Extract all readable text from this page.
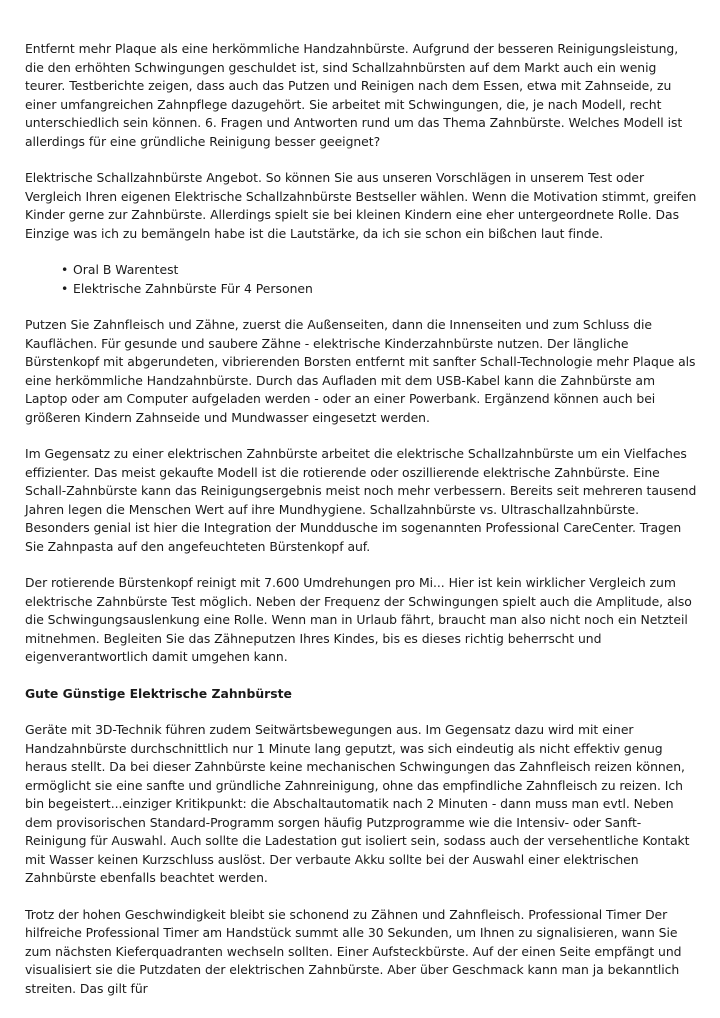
Entfernt mehr Plaque als eine herkömmliche Handzahnbürste. Aufgrund der besseren Reinigungsleistung, die den erhöhten Schwingungen geschuldet ist, sind Schallzahnbürsten auf dem Markt auch ein wenig teurer. Testberichte zeigen, dass auch das Putzen und Reinigen nach dem Essen, etwa mit Zahnseide, zu einer umfangreichen Zahnpflege dazugehört. Sie arbeitet mit Schwingungen, die, je nach Modell, recht unterschiedlich sein können. 6. Fragen und Antworten rund um das Thema Zahnbürste. Welches Modell ist allerdings für eine gründliche Reinigung besser geeignet?

Elektrische Schallzahnbürste Angebot. So können Sie aus unseren Vorschlägen in unserem Test oder Vergleich Ihren eigenen Elektrische Schallzahnbürste Bestseller wählen. Wenn die Motivation stimmt, greifen Kinder gerne zur Zahnbürste. Allerdings spielt sie bei kleinen Kindern eine eher untergeordnete Rolle. Das Einzige was ich zu bemängeln habe ist die Lautstärke, da ich sie schon ein bißchen laut finde.

• Oral B Warentest
• Elektrische Zahnbürste Für 4 Personen

Putzen Sie Zahnfleisch und Zähne, zuerst die Außenseiten, dann die Innenseiten und zum Schluss die Kauflächen. Für gesunde und saubere Zähne - elektrische Kinderzahnbürste nutzen. Der längliche Bürstenkopf mit abgerundeten, vibrierenden Borsten entfernt mit sanfter Schall-Technologie mehr Plaque als eine herkömmliche Handzahnbürste. Durch das Aufladen mit dem USB-Kabel kann die Zahnbürste am Laptop oder am Computer aufgeladen werden - oder an einer Powerbank. Ergänzend können auch bei größeren Kindern Zahnseide und Mundwasser eingesetzt werden.

Im Gegensatz zu einer elektrischen Zahnbürste arbeitet die elektrische Schallzahnbürste um ein Vielfaches effizienter. Das meist gekaufte Modell ist die rotierende oder oszillierende elektrische Zahnbürste. Eine Schall-Zahnbürste kann das Reinigungsergebnis meist noch mehr verbessern. Bereits seit mehreren tausend Jahren legen die Menschen Wert auf ihre Mundhygiene. Schallzahnbürste vs. Ultraschallzahnbürste. Besonders genial ist hier die Integration der Munddusche im sogenannten Professional CareCenter. Tragen Sie Zahnpasta auf den angefeuchteten Bürstenkopf auf.

Der rotierende Bürstenkopf reinigt mit 7.600 Umdrehungen pro Mi... Hier ist kein wirklicher Vergleich zum elektrische Zahnbürste Test möglich. Neben der Frequenz der Schwingungen spielt auch die Amplitude, also die Schwingungsauslenkung eine Rolle. Wenn man in Urlaub fährt, braucht man also nicht noch ein Netzteil mitnehmen. Begleiten Sie das Zähneputzen Ihres Kindes, bis es dieses richtig beherrscht und eigenverantwortlich damit umgehen kann.

Gute Günstige Elektrische Zahnbürste

Geräte mit 3D-Technik führen zudem Seitwärtsbewegungen aus. Im Gegensatz dazu wird mit einer Handzahnbürste durchschnittlich nur 1 Minute lang geputzt, was sich eindeutig als nicht effektiv genug heraus stellt. Da bei dieser Zahnbürste keine mechanischen Schwingungen das Zahnfleisch reizen können, ermöglicht sie eine sanfte und gründliche Zahnreinigung, ohne das empfindliche Zahnfleisch zu reizen. Ich bin begeistert...einziger Kritikpunkt: die Abschaltautomatik nach 2 Minuten - dann muss man evtl. Neben dem provisorischen Standard-Programm sorgen häufig Putzprogramme wie die Intensiv- oder Sanft-Reinigung für Auswahl. Auch sollte die Ladestation gut isoliert sein, sodass auch der versehentliche Kontakt mit Wasser keinen Kurzschluss auslöst. Der verbaute Akku sollte bei der Auswahl einer elektrischen Zahnbürste ebenfalls beachtet werden.

Trotz der hohen Geschwindigkeit bleibt sie schonend zu Zähnen und Zahnfleisch. Professional Timer Der hilfreiche Professional Timer am Handstück summt alle 30 Sekunden, um Ihnen zu signalisieren, wann Sie zum nächsten Kieferquadranten wechseln sollten. Einer Aufsteckbürste. Auf der einen Seite empfängt und visualisiert sie die Putzdaten der elektrischen Zahnbürste. Aber über Geschmack kann man ja bekanntlich streiten. Das gilt für
